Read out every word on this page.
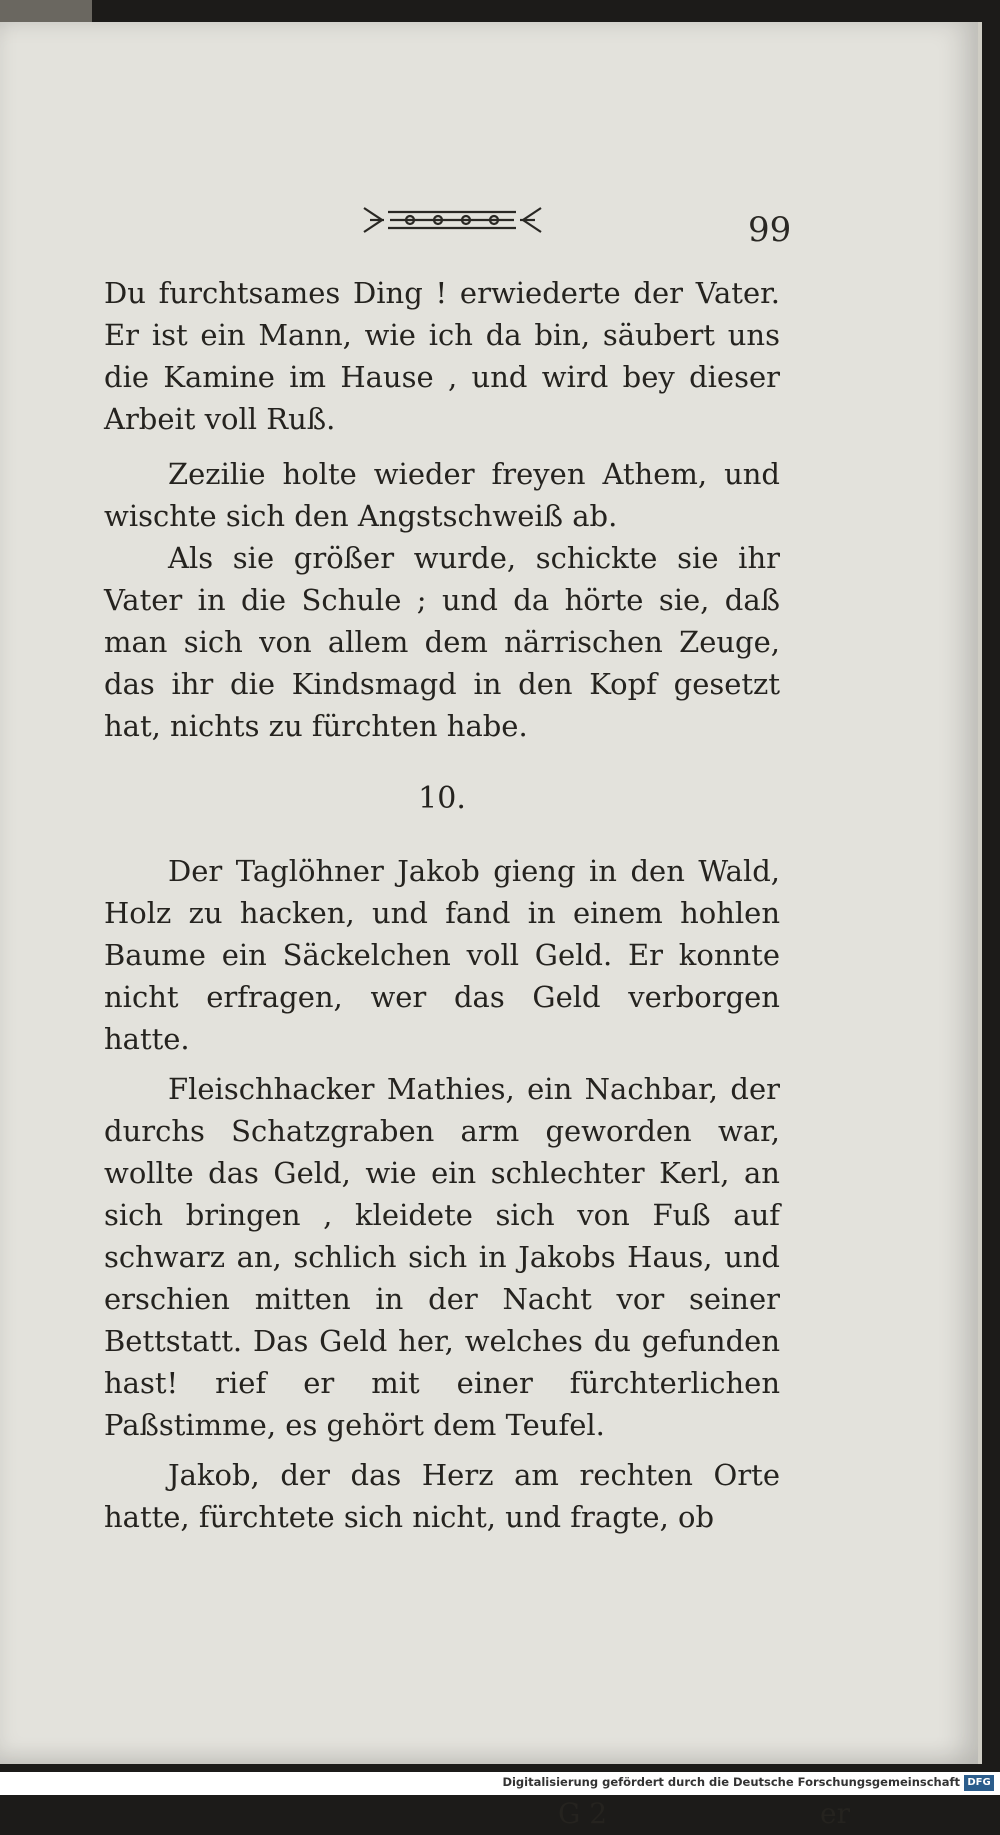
99

Du furchtsames Ding ! erwiederte der Vater. Er ist ein Mann, wie ich da bin, säubert uns die Kamine im Hause , und wird bey dieser Arbeit voll Ruß.

Zezilie holte wieder freyen Athem, und wischte sich den Angstschweiß ab.

Als sie größer wurde, schickte sie ihr Vater in die Schule ; und da hörte sie, daß man sich von allem dem närrischen Zeuge, das ihr die Kindsmagd in den Kopf gesetzt hat, nichts zu fürchten habe.

10.

Der Taglöhner Jakob gieng in den Wald, Holz zu hacken, und fand in einem hohlen Baume ein Säckelchen voll Geld. Er konnte nicht erfragen, wer das Geld verborgen hatte.

Fleischhacker Mathies, ein Nachbar, der durchs Schatzgraben arm geworden war, wollte das Geld, wie ein schlechter Kerl, an sich bringen , kleidete sich von Fuß auf schwarz an, schlich sich in Jakobs Haus, und erschien mitten in der Nacht vor seiner Bettstatt. Das Geld her, welches du gefunden hast! rief er mit einer fürchterlichen Paßstimme, es gehört dem Teufel.

Jakob, der das Herz am rechten Orte hatte, fürchtete sich nicht, und fragte, ob

G 2	er
Digitalisierung gefördert durch die Deutsche Forschungsgemeinschaft DFG
